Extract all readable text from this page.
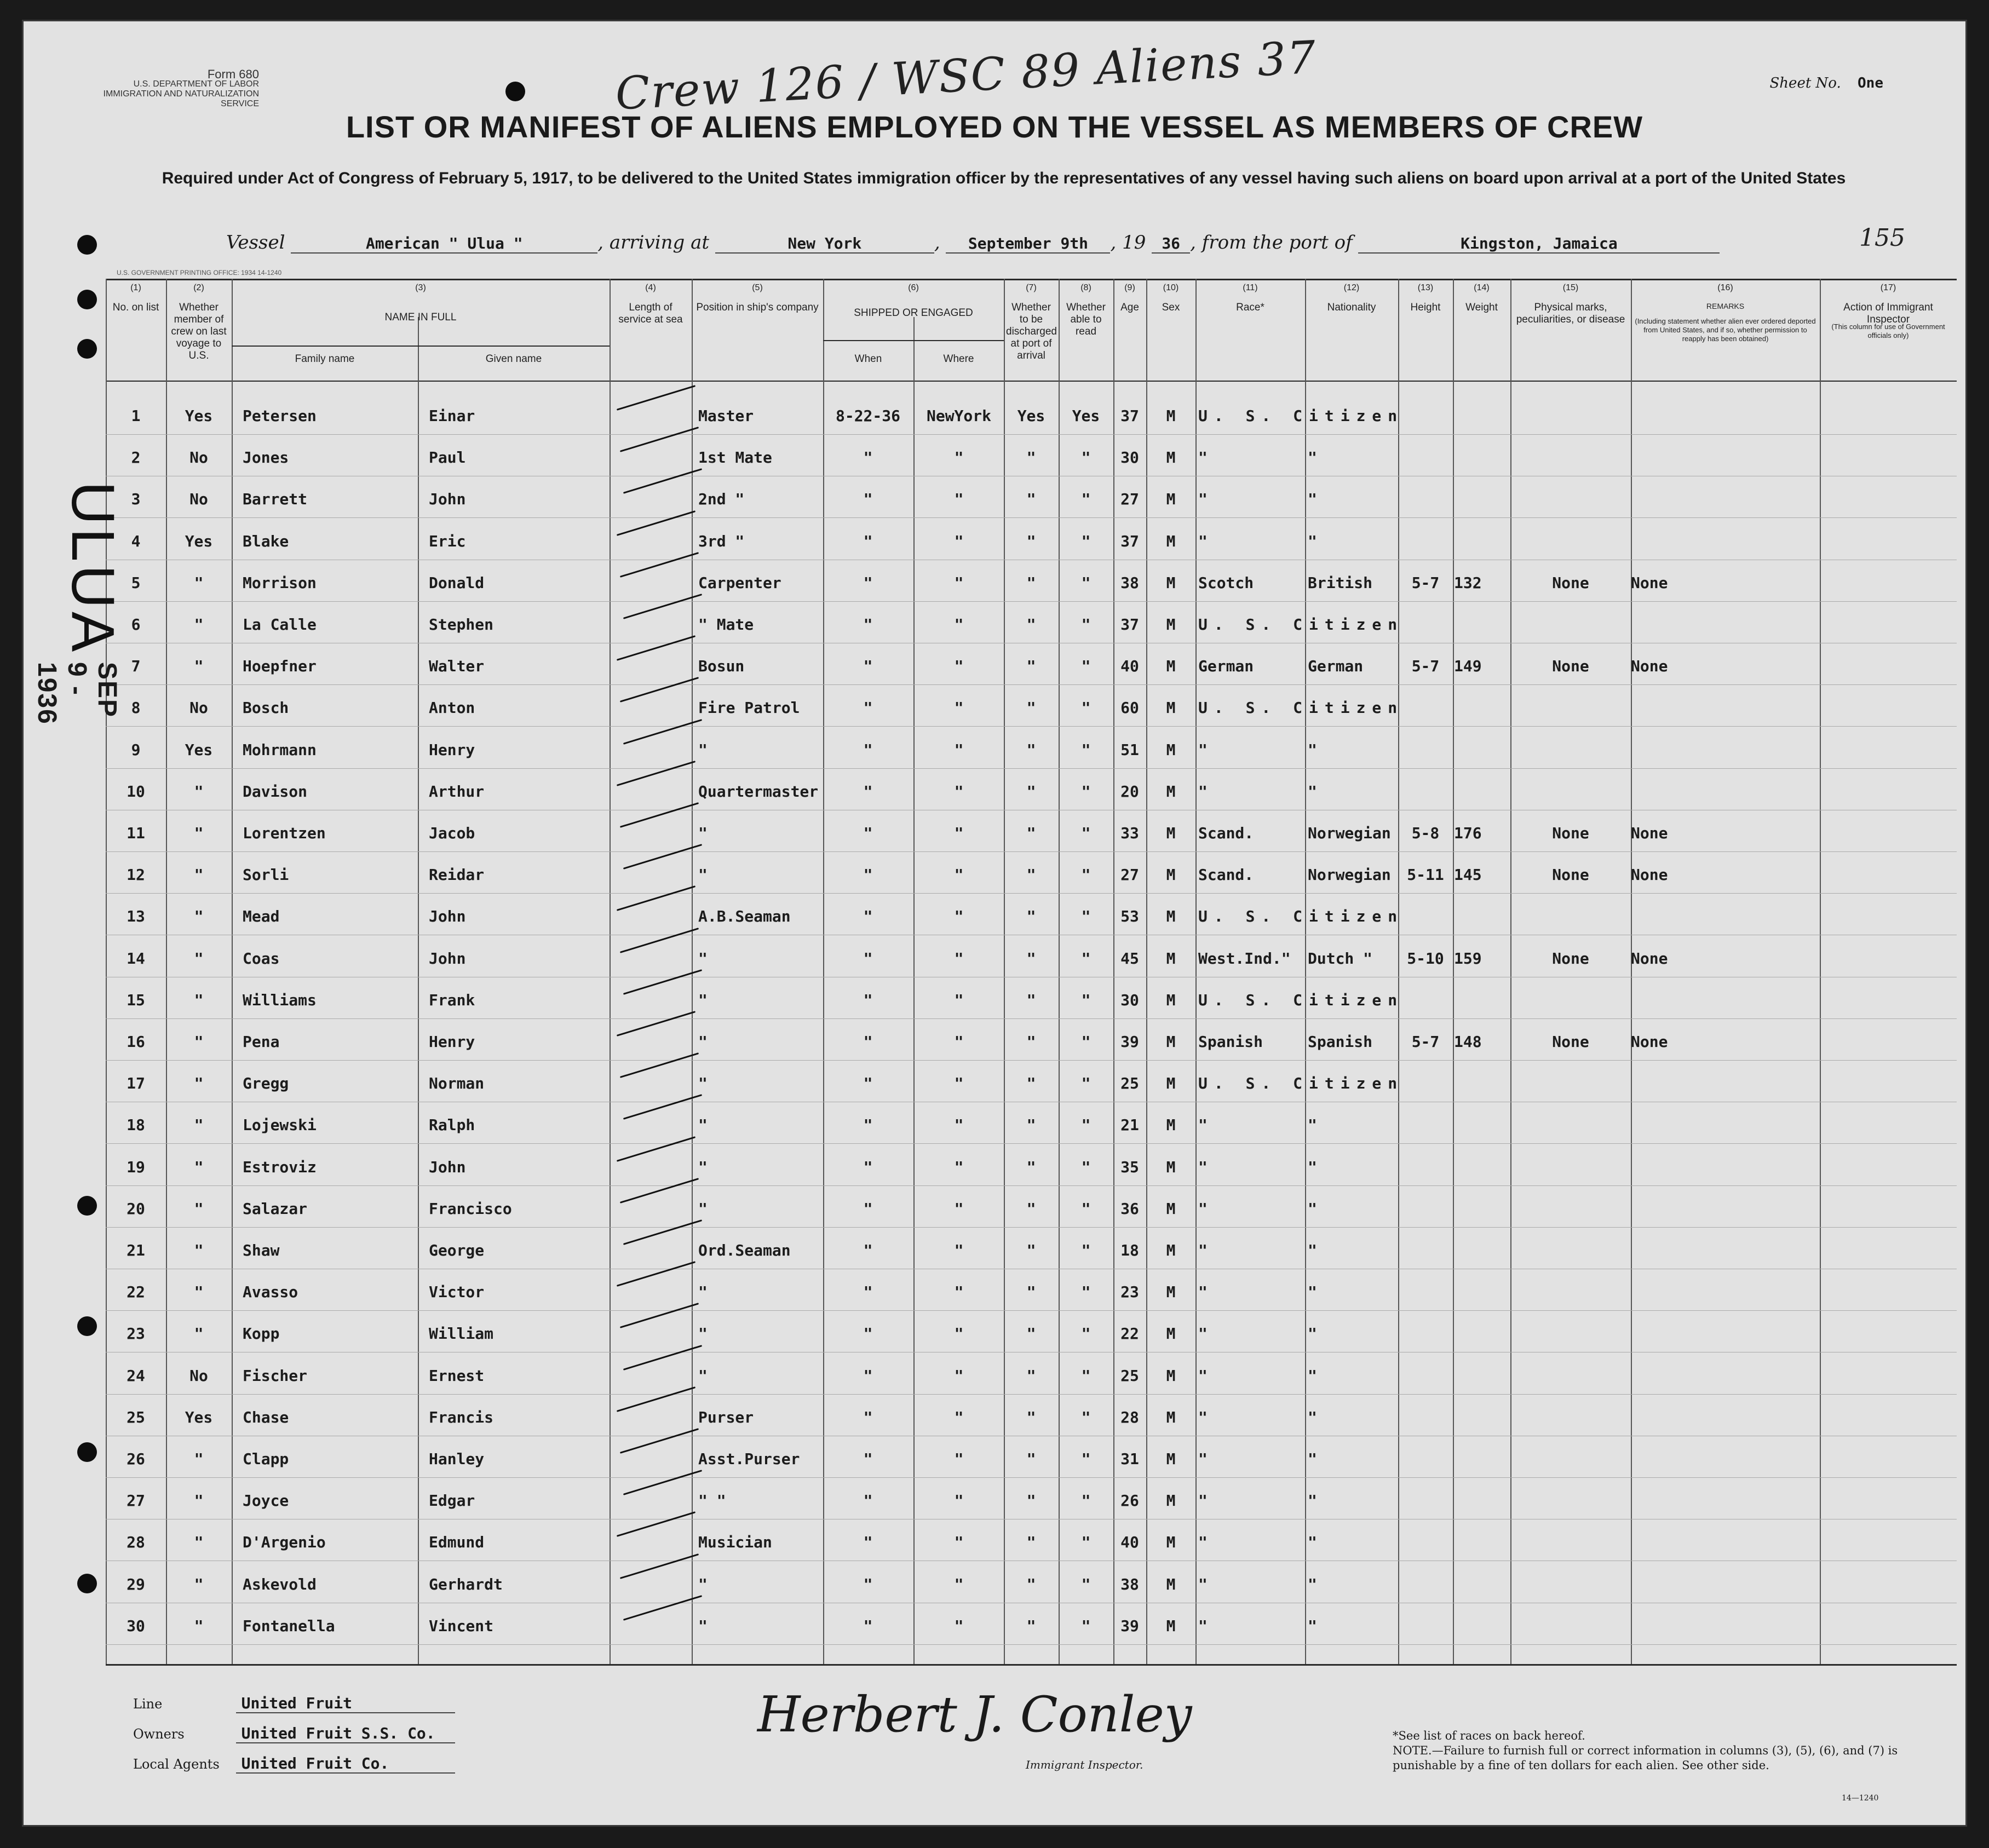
Form 680
U.S. DEPARTMENT OF LABOR
IMMIGRATION AND NATURALIZATION SERVICE	Crew 126 / WSC 89 Aliens 37	Sheet No. One
LIST OR MANIFEST OF ALIENS EMPLOYED ON THE VESSEL AS MEMBERS OF CREW
Required under Act of Congress of February 5, 1917, to be delivered to the United States immigration officer by the representatives of any vessel having such aliens on board upon arrival at a port of the United States
Vessel	American " Ulua "	, arriving at	New York	, September 9th , 19 36 , from the port of	Kingston, Jamaica	155
U.S. GOVERNMENT PRINTING OFFICE: 1934 14-1240
(1)
No. on list
(2)
Whether member of crew on last voyage to U.S.
(3)
NAME IN FULL
(4)
Length of service at sea
(5)
Position in ship's company
(6)
SHIPPED OR ENGAGED
(7)
Whether to be discharged at port of arrival
(8)
Whether able to read
(9)
Age
(10)
Sex
(11)
Race*
(12)
Nationality
(13)
Height
(14)
Weight
(15)
Physical marks, peculiarities, or disease
(16)
REMARKS
(17)
Action of Immigrant Inspector
Family name	Given name	When	Where
(Including statement whether alien ever ordered deported from United States, and if so, whether permission to reapply has been obtained)
(This column for use of Government officials only)
1	Yes	Petersen	Einar	Master	8-22-36	NewYork	Yes	Yes	37	M	U. S. Citizen
2	No	Jones	Paul	1st Mate	"	"	"	"	30	M	"	"
3	No	Barrett	John	2nd "	"	"	"	"	27	M	"	"
4	Yes	Blake	Eric	3rd "	"	"	"	"	37	M	"	"
5	"	Morrison	Donald	Carpenter	"	"	"	"	38	M	Scotch	British	5-7 132	None	None
6	"	La Calle	Stephen	" Mate	"	"	"	"	37	M	U. S. Citizen
7	"	Hoepfner	Walter	Bosun	"	"	"	"	40	M	German	German	5-7 149	None	None
8	No	Bosch	Anton	Fire Patrol	"	"	"	"	60	M	U. S. Citizen
9	Yes	Mohrmann	Henry	"	"	"	"	"	51	M	"	"
10	"	Davison	Arthur	Quartermaster	"	"	"	"	20	M	"	"
11	"	Lorentzen	Jacob	"	"	"	"	"	33	M	Scand.	Norwegian	5-8 176	None	None
12	"	Sorli	Reidar	"	"	"	"	"	27	M	Scand.	Norwegian	5-11 145	None	None
13	"	Mead	John	A.B.Seaman	"	"	"	"	53	M	U. S. Citizen
14	"	Coas	John	"	"	"	"	"	45	M	West.Ind."	Dutch "	5-10 159	None	None
15	"	Williams	Frank	"	"	"	"	"	30	M	U. S. Citizen
16	"	Pena	Henry	"	"	"	"	"	39	M	Spanish	Spanish	5-7 148	None	None
17	"	Gregg	Norman	"	"	"	"	"	25	M	U. S. Citizen
18	"	Lojewski	Ralph	"	"	"	"	"	21	M	"	"
19	"	Estroviz	John	"	"	"	"	"	35	M	"	"
20	"	Salazar	Francisco	"	"	"	"	"	36	M	"	"
21	"	Shaw	George	Ord.Seaman	"	"	"	"	18	M	"	"
22	"	Avasso	Victor	"	"	"	"	"	23	M	"	"
23	"	Kopp	William	"	"	"	"	"	22	M	"	"
24	No	Fischer	Ernest	"	"	"	"	"	25	M	"	"
25	Yes	Chase	Francis	Purser	"	"	"	"	28	M	"	"
26	"	Clapp	Hanley	Asst.Purser	"	"	"	"	31	M	"	"
27	"	Joyce	Edgar	" "	"	"	"	"	26	M	"	"
28	"	D'Argenio	Edmund	Musician	"	"	"	"	40	M	"	"
29	"	Askevold	Gerhardt	"	"	"	"	"	38	M	"	"
30	"	Fontanella	Vincent	"	"	"	"	"	39	M	"	"
ULUA
SEP 9 - 1936
Line	United Fruit
Owners	United Fruit S.S. Co.
Local Agents United Fruit Co.
Herbert J. Conley
Immigrant Inspector.
*See list of races on back hereof.
NOTE.—Failure to furnish full or correct information in columns (3), (5), (6), and (7) is punishable by a fine of ten dollars for each alien. See other side.
14—1240
